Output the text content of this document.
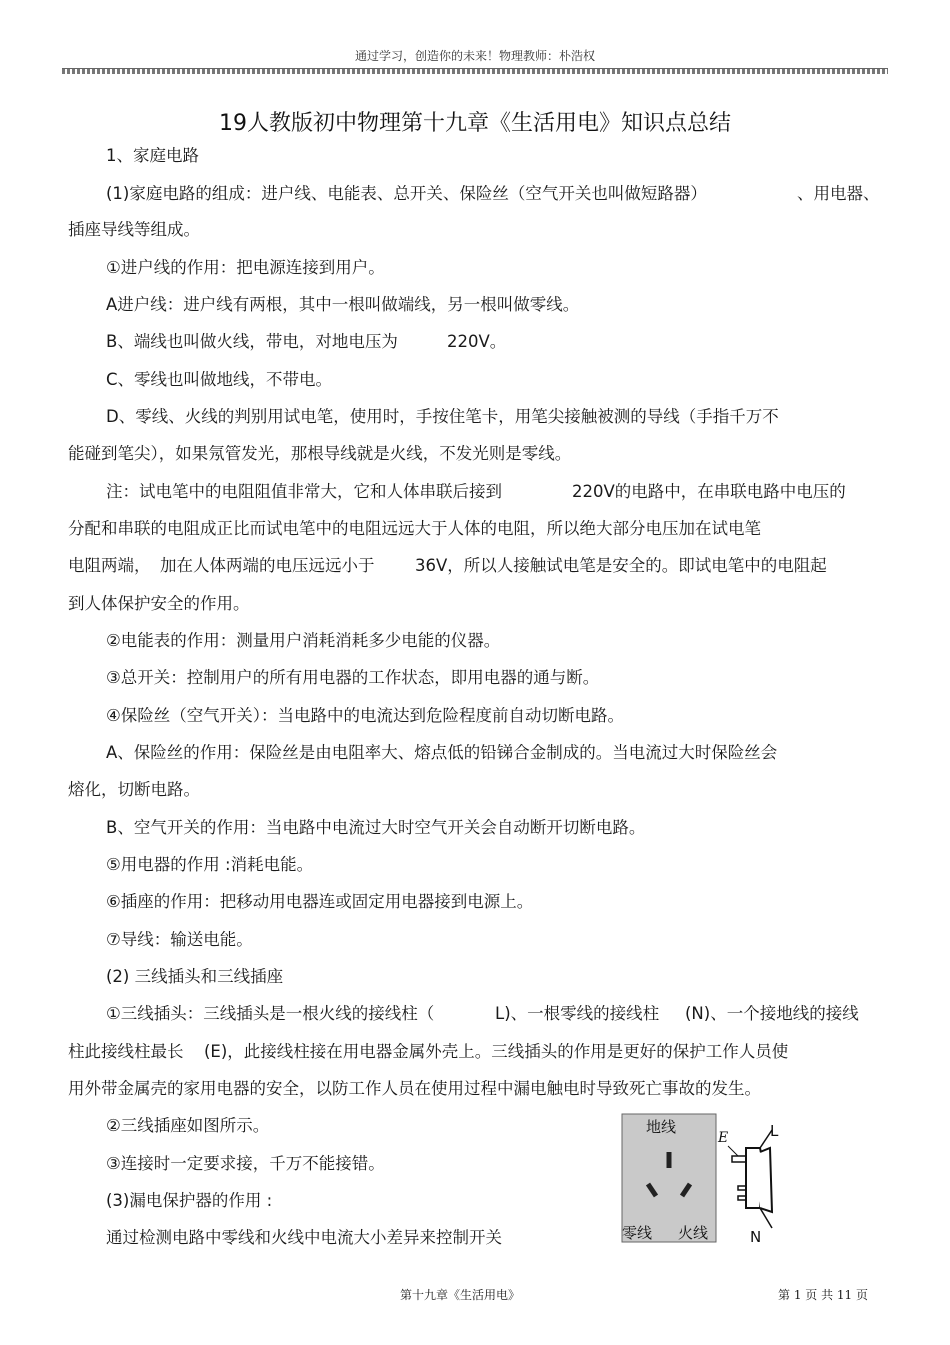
通过学习，创造你的未来！物理教师：朴浩权
19人教版初中物理第十九章《生活用电》知识点总结
1、家庭电路
(1)家庭电路的组成：进户线、电能表、总开关、保险丝（空气开关也叫做短路器）	、用电器、
插座导线等组成。
①进户线的作用：把电源连接到用户。
A进户线：进户线有两根，其中一根叫做端线，另一根叫做零线。
B、端线也叫做火线，带电，对地电压为	220V。
C、零线也叫做地线，不带电。
D、零线、火线的判别用试电笔，使用时，手按住笔卡，用笔尖接触被测的导线（手指千万不
能碰到笔尖），如果氖管发光，那根导线就是火线，不发光则是零线。
注：试电笔中的电阻阻值非常大，它和人体串联后接到	220V的电路中，在串联电路中电压的
分配和串联的电阻成正比而试电笔中的电阻远远大于人体的电阻，所以绝大部分电压加在试电笔
电阻两端， 加在人体两端的电压远远小于 36V，所以人接触试电笔是安全的。即试电笔中的电阻起
到人体保护安全的作用。
②电能表的作用：测量用户消耗消耗多少电能的仪器。
③总开关：控制用户的所有用电器的工作状态，即用电器的通与断。
④保险丝（空气开关）：当电路中的电流达到危险程度前自动切断电路。
A、保险丝的作用：保险丝是由电阻率大、熔点低的铅锑合金制成的。当电流过大时保险丝会
熔化，切断电路。
B、空气开关的作用：当电路中电流过大时空气开关会自动断开切断电路。
⑤用电器的作用 :消耗电能。
⑥插座的作用：把移动用电器连或固定用电器接到电源上。
⑦导线：输送电能。
(2) 三线插头和三线插座
①三线插头：三线插头是一根火线的接线柱（	L)、一根零线的接线柱 (N)、一个接地线的接线
柱此接线柱最长 (E)，此接线柱接在用电器金属外壳上。三线插头的作用是更好的保护工作人员使
用外带金属壳的家用电器的安全，以防工作人员在使用过程中漏电触电时导致死亡事故的发生。
②三线插座如图所示。
③连接时一定要求接，千万不能接错。
(3)漏电保护器的作用 :
通过检测电路中零线和火线中电流大小差异来控制开关
地线
零线 火线
E	L
N
第十九章《生活用电》	第 1 页 共 11 页
